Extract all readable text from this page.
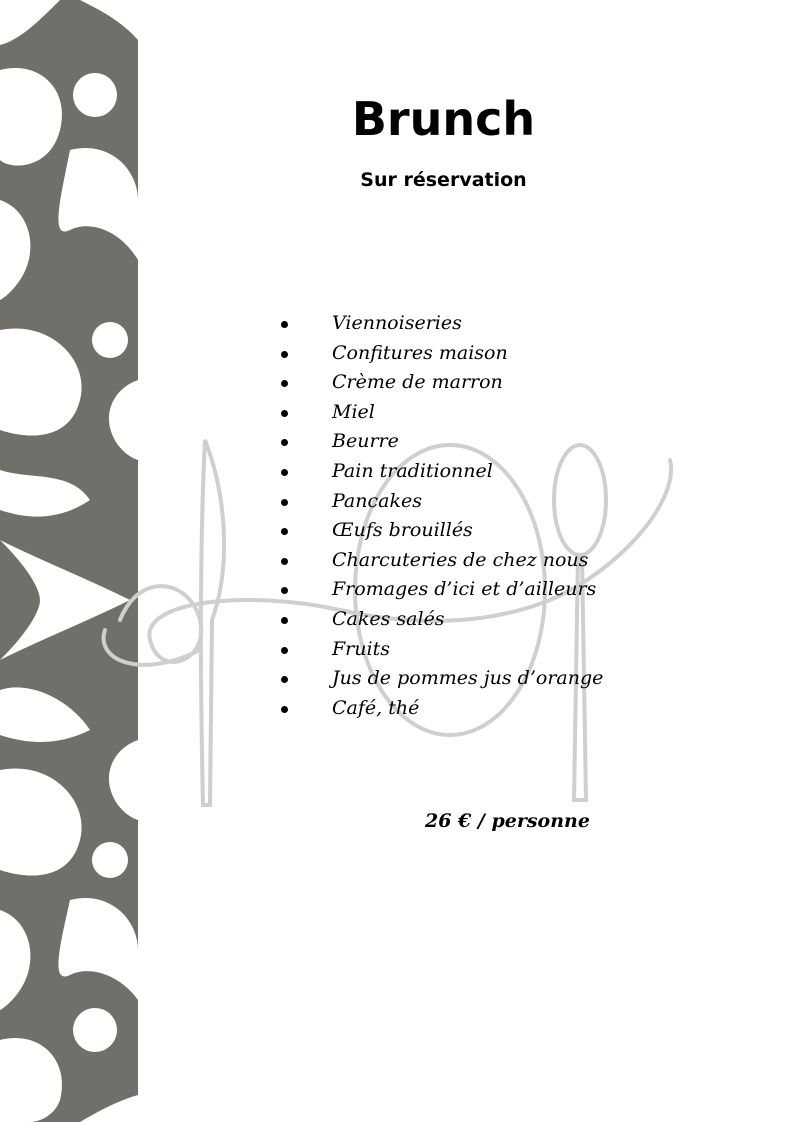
Brunch
Sur réservation
Viennoiseries
Confitures maison
Crème de marron
Miel
Beurre
Pain traditionnel
Pancakes
Œufs brouillés
Charcuteries de chez nous
Fromages d’ici et d’ailleurs
Cakes salés
Fruits
Jus de pommes jus d’orange
Café, thé
26 € / personne
